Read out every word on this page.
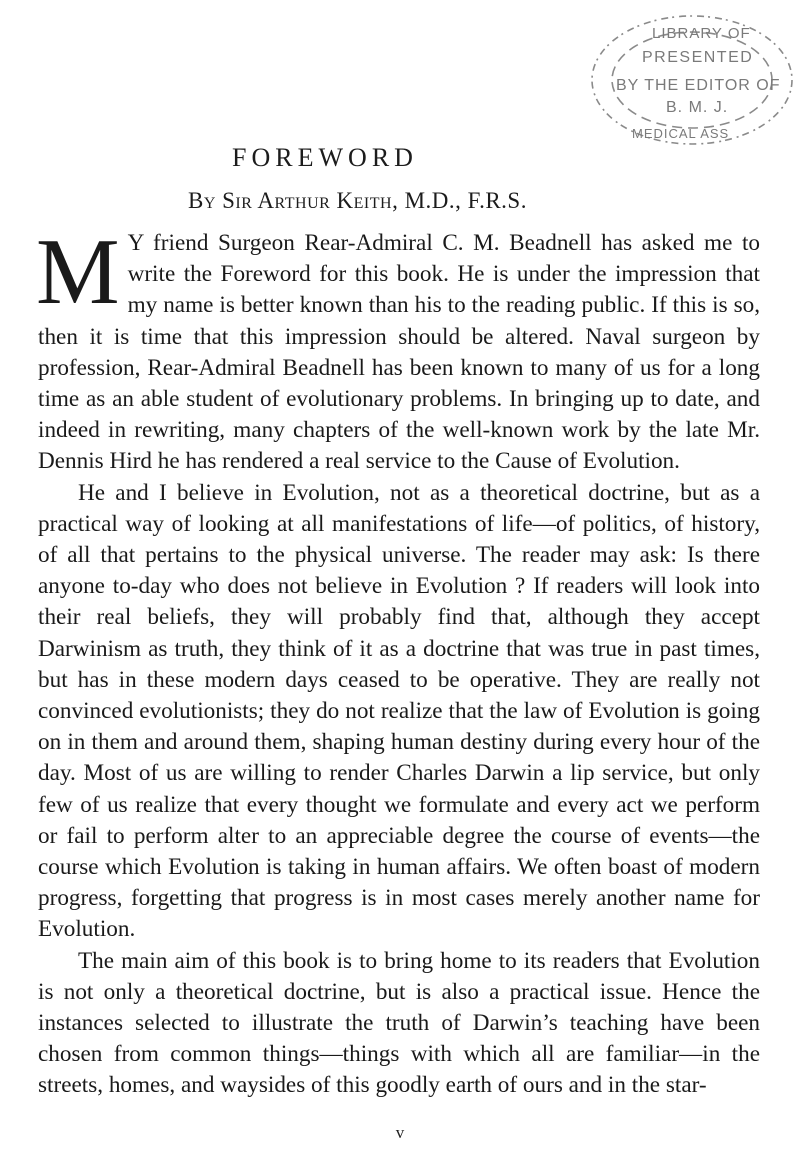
LIBRARY OF
PRESENTED
BY THE EDITOR OF
B. M. J.
MEDICAL ASS
FOREWORD
By Sir Arthur Keith, M.D., F.R.S.

M Y friend Surgeon Rear-Admiral C. M. Beadnell has asked me to write the Foreword for this book. He is under the impression that my name is better known than his to the reading public. If this is so, then it is time that this impression should be altered. Naval surgeon by profession, Rear-Admiral Beadnell has been known to many of us for a long time as an able student of evolutionary problems. In bringing up to date, and indeed in rewriting, many chapters of the well-known work by the late Mr. Dennis Hird he has rendered a real service to the Cause of Evolution.

He and I believe in Evolution, not as a theoretical doctrine, but as a practical way of looking at all manifestations of life—of politics, of history, of all that pertains to the physical universe. The reader may ask: Is there anyone to-day who does not believe in Evolution ? If readers will look into their real beliefs, they will probably find that, although they accept Darwinism as truth, they think of it as a doctrine that was true in past times, but has in these modern days ceased to be operative. They are really not convinced evolutionists; they do not realize that the law of Evolution is going on in them and around them, shaping human destiny during every hour of the day. Most of us are willing to render Charles Darwin a lip service, but only few of us realize that every thought we formulate and every act we perform or fail to perform alter to an appreciable degree the course of events—the course which Evolution is taking in human affairs. We often boast of modern progress, forgetting that progress is in most cases merely another name for Evolution.

The main aim of this book is to bring home to its readers that Evolution is not only a theoretical doctrine, but is also a practical issue. Hence the instances selected to illustrate the truth of Darwin’s teaching have been chosen from common things—things with which all are familiar—in the streets, homes, and waysides of this goodly earth of ours and in the star-

v
